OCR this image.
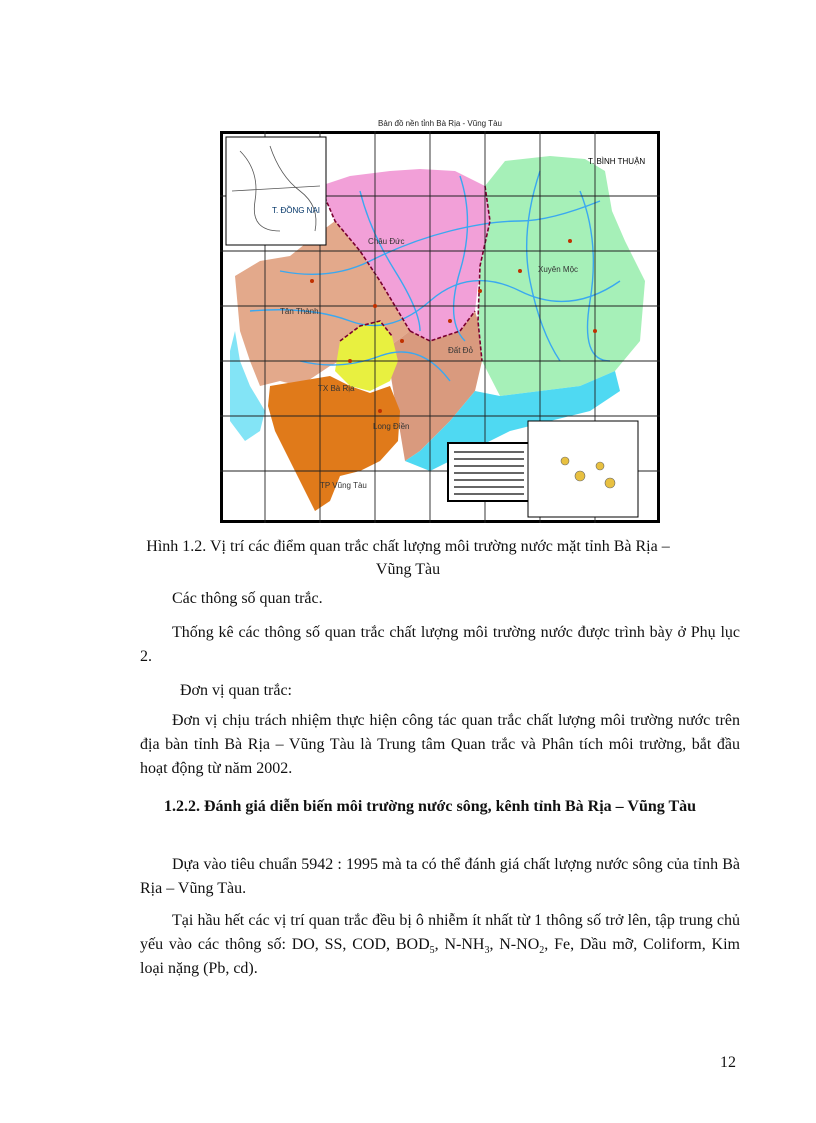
Bản đồ nền tỉnh Bà Rịa - Vũng Tàu
T. ĐỒNG NAI
T. BÌNH THUẬN
Châu Đức
Xuyên Mộc
Tân Thành
Đất Đỏ
TX Bà Rịa
Long Điền
TP Vũng Tàu
Hình 1.2. Vị trí các điểm quan trắc chất lượng môi trường nước mặt tỉnh Bà Rịa –
Vũng Tàu

Các thông số quan trắc.

Thống kê các thông số quan trắc chất lượng môi trường nước được trình bày ở Phụ lục 2.

Đơn vị quan trắc:

Đơn vị chịu trách nhiệm thực hiện công tác quan trắc chất lượng môi trường nước trên địa bàn tỉnh Bà Rịa – Vũng Tàu là Trung tâm Quan trắc và Phân tích môi trường, bắt đầu hoạt động từ năm 2002.

1.2.2. Đánh giá diễn biến môi trường nước sông, kênh tỉnh Bà Rịa – Vũng Tàu

Dựa vào tiêu chuẩn 5942 : 1995 mà ta có thể đánh giá chất lượng nước sông của tỉnh Bà Rịa – Vũng Tàu.

Tại hầu hết các vị trí quan trắc đều bị ô nhiễm ít nhất từ 1 thông số trở lên, tập trung chủ yếu vào các thông số: DO, SS, COD, $BOD_5$, $N-NH_3$, $N-NO_2$, Fe, Dầu mỡ, Coliform, Kim loại nặng (Pb, cd).

12
